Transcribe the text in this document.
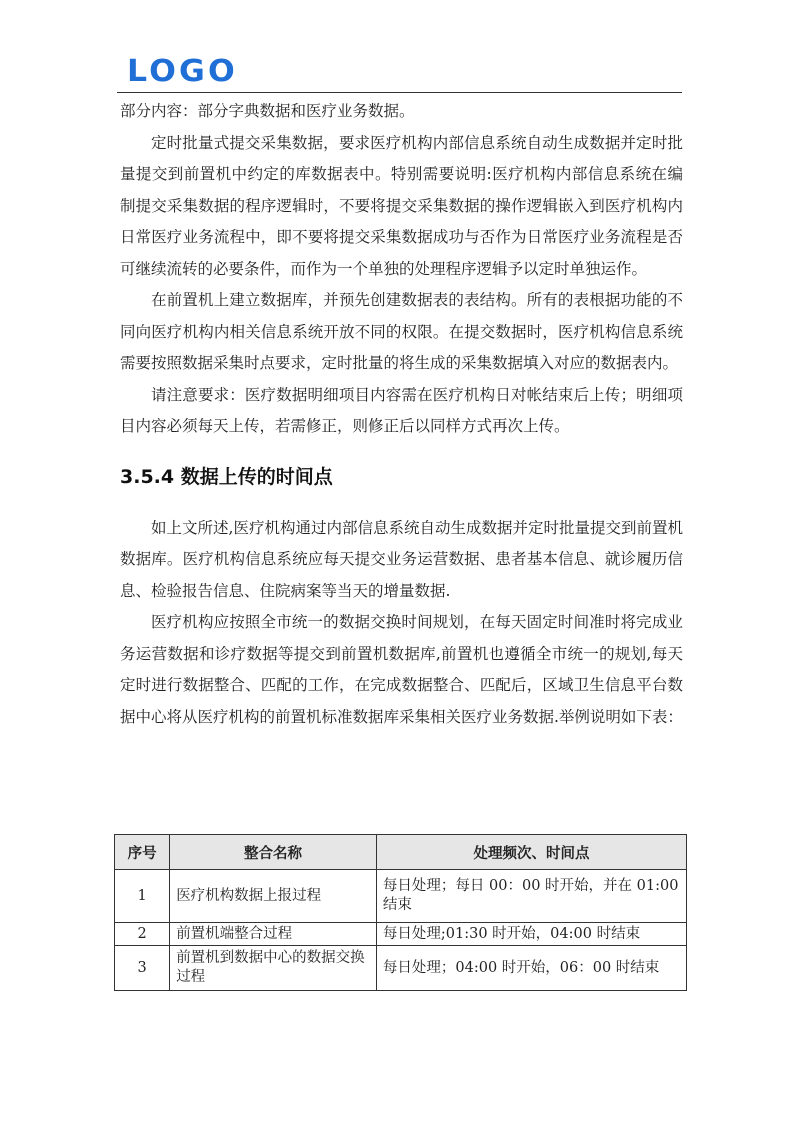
LOGO

部分内容：部分字典数据和医疗业务数据。

定时批量式提交采集数据，要求医疗机构内部信息系统自动生成数据并定时批量提交到前置机中约定的库数据表中。特别需要说明:医疗机构内部信息系统在编制提交采集数据的程序逻辑时，不要将提交采集数据的操作逻辑嵌入到医疗机构内日常医疗业务流程中，即不要将提交采集数据成功与否作为日常医疗业务流程是否可继续流转的必要条件，而作为一个单独的处理程序逻辑予以定时单独运作。

在前置机上建立数据库，并预先创建数据表的表结构。所有的表根据功能的不同向医疗机构内相关信息系统开放不同的权限。在提交数据时，医疗机构信息系统需要按照数据采集时点要求，定时批量的将生成的采集数据填入对应的数据表内。

请注意要求：医疗数据明细项目内容需在医疗机构日对帐结束后上传；明细项目内容必须每天上传，若需修正，则修正后以同样方式再次上传。

3.5.4 数据上传的时间点

如上文所述,医疗机构通过内部信息系统自动生成数据并定时批量提交到前置机数据库。医疗机构信息系统应每天提交业务运营数据、患者基本信息、就诊履历信息、检验报告信息、住院病案等当天的增量数据.

医疗机构应按照全市统一的数据交换时间规划，在每天固定时间准时将完成业务运营数据和诊疗数据等提交到前置机数据库,前置机也遵循全市统一的规划,每天定时进行数据整合、匹配的工作，在完成数据整合、匹配后，区域卫生信息平台数据中心将从医疗机构的前置机标准数据库采集相关医疗业务数据.举例说明如下表：

序号	整合名称	处理频次、时间点
1	医疗机构数据上报过程	每日处理；每日 00：00 时开始，并在 01:00 结束
2	前置机端整合过程	每日处理;01:30 时开始，04:00 时结束
3	前置机到数据中心的数据交换过程	每日处理；04:00 时开始，06：00 时结束
